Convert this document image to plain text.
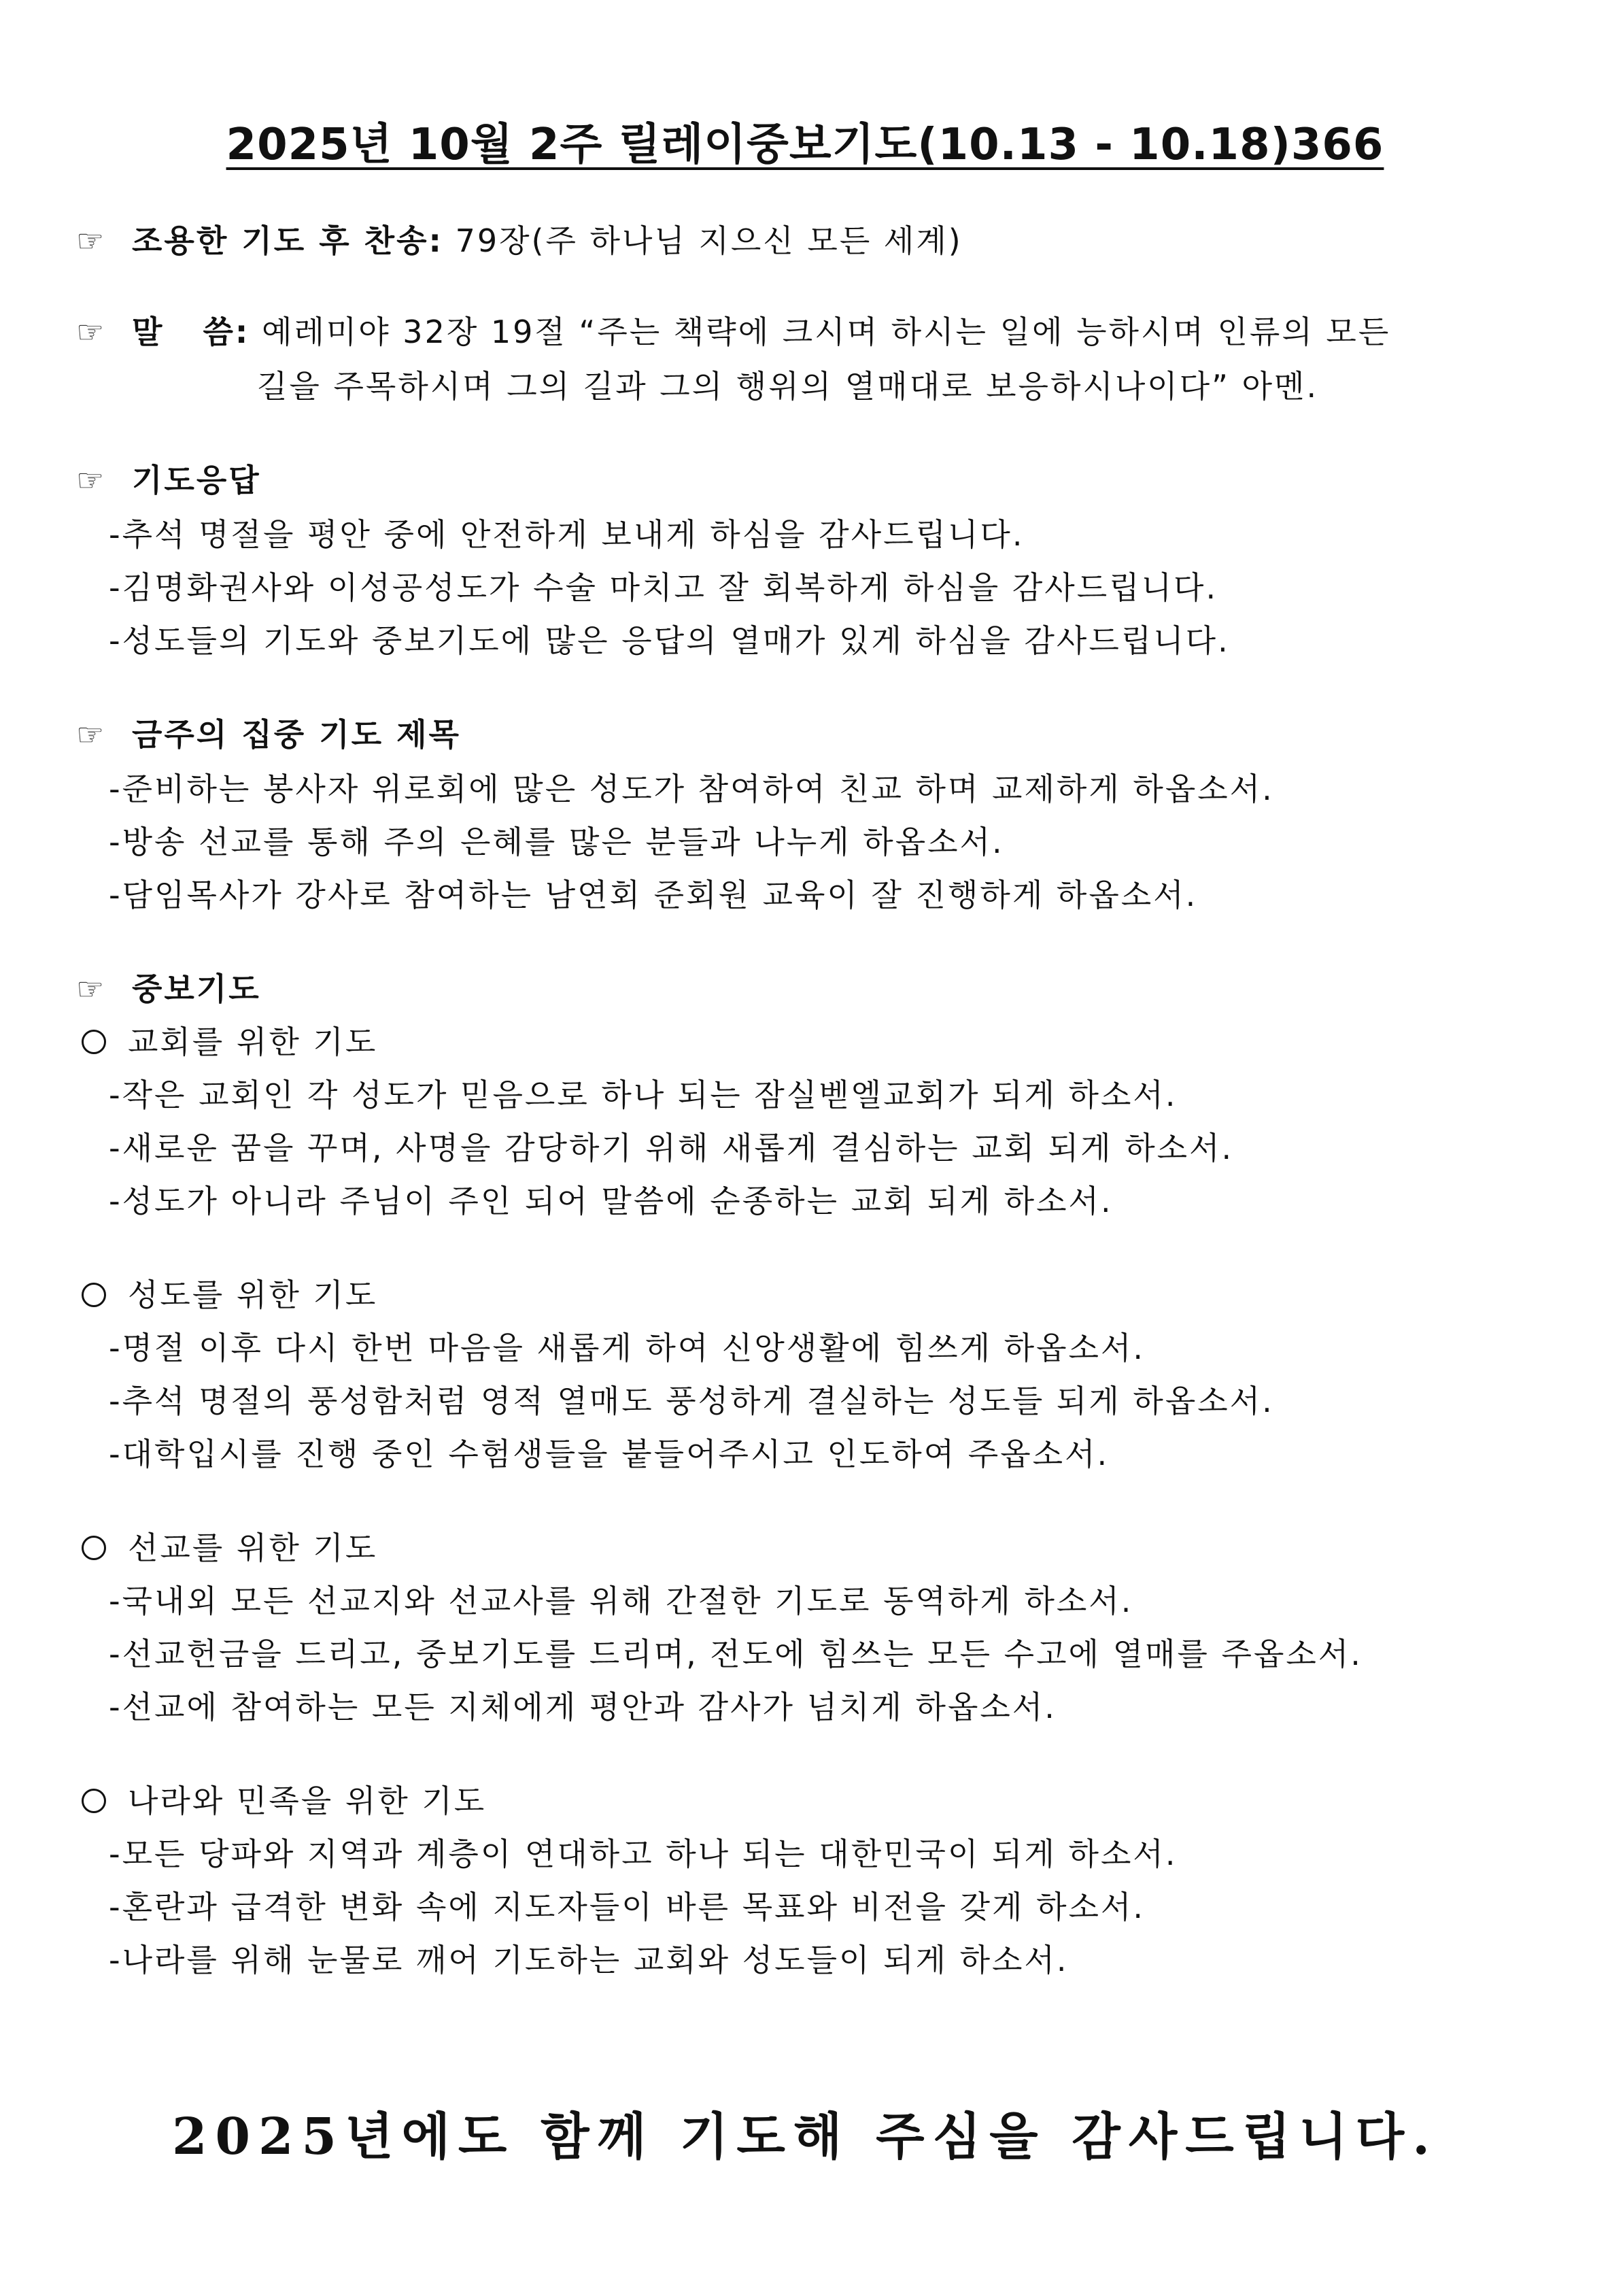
2025년 10월 2주 릴레이중보기도(10.13 - 10.18)366
☞ 조용한 기도 후 찬송: 79장(주 하나님 지으신 모든 세계)
☞ 말   씀: 예레미야 32장 19절 “주는 책략에 크시며 하시는 일에 능하시며 인류의 모든
길을 주목하시며 그의 길과 그의 행위의 열매대로 보응하시나이다” 아멘.
☞ 기도응답
-추석 명절을 평안 중에 안전하게 보내게 하심을 감사드립니다.
-김명화권사와 이성공성도가 수술 마치고 잘 회복하게 하심을 감사드립니다.
-성도들의 기도와 중보기도에 많은 응답의 열매가 있게 하심을 감사드립니다.
☞ 금주의 집중 기도 제목
-준비하는 봉사자 위로회에 많은 성도가 참여하여 친교 하며 교제하게 하옵소서.
-방송 선교를 통해 주의 은혜를 많은 분들과 나누게 하옵소서.
-담임목사가 강사로 참여하는 남연회 준회원 교육이 잘 진행하게 하옵소서.
☞ 중보기도
교회를 위한 기도
-작은 교회인 각 성도가 믿음으로 하나 되는 잠실벧엘교회가 되게 하소서.
-새로운 꿈을 꾸며, 사명을 감당하기 위해 새롭게 결심하는 교회 되게 하소서.
-성도가 아니라 주님이 주인 되어 말씀에 순종하는 교회 되게 하소서.
성도를 위한 기도
-명절 이후 다시 한번 마음을 새롭게 하여 신앙생활에 힘쓰게 하옵소서.
-추석 명절의 풍성함처럼 영적 열매도 풍성하게 결실하는 성도들 되게 하옵소서.
-대학입시를 진행 중인 수험생들을 붙들어주시고 인도하여 주옵소서.
선교를 위한 기도
-국내외 모든 선교지와 선교사를 위해 간절한 기도로 동역하게 하소서.
-선교헌금을 드리고, 중보기도를 드리며, 전도에 힘쓰는 모든 수고에 열매를 주옵소서.
-선교에 참여하는 모든 지체에게 평안과 감사가 넘치게 하옵소서.
나라와 민족을 위한 기도
-모든 당파와 지역과 계층이 연대하고 하나 되는 대한민국이 되게 하소서.
-혼란과 급격한 변화 속에 지도자들이 바른 목표와 비전을 갖게 하소서.
-나라를 위해 눈물로 깨어 기도하는 교회와 성도들이 되게 하소서.
2025년에도 함께 기도해 주심을 감사드립니다.
